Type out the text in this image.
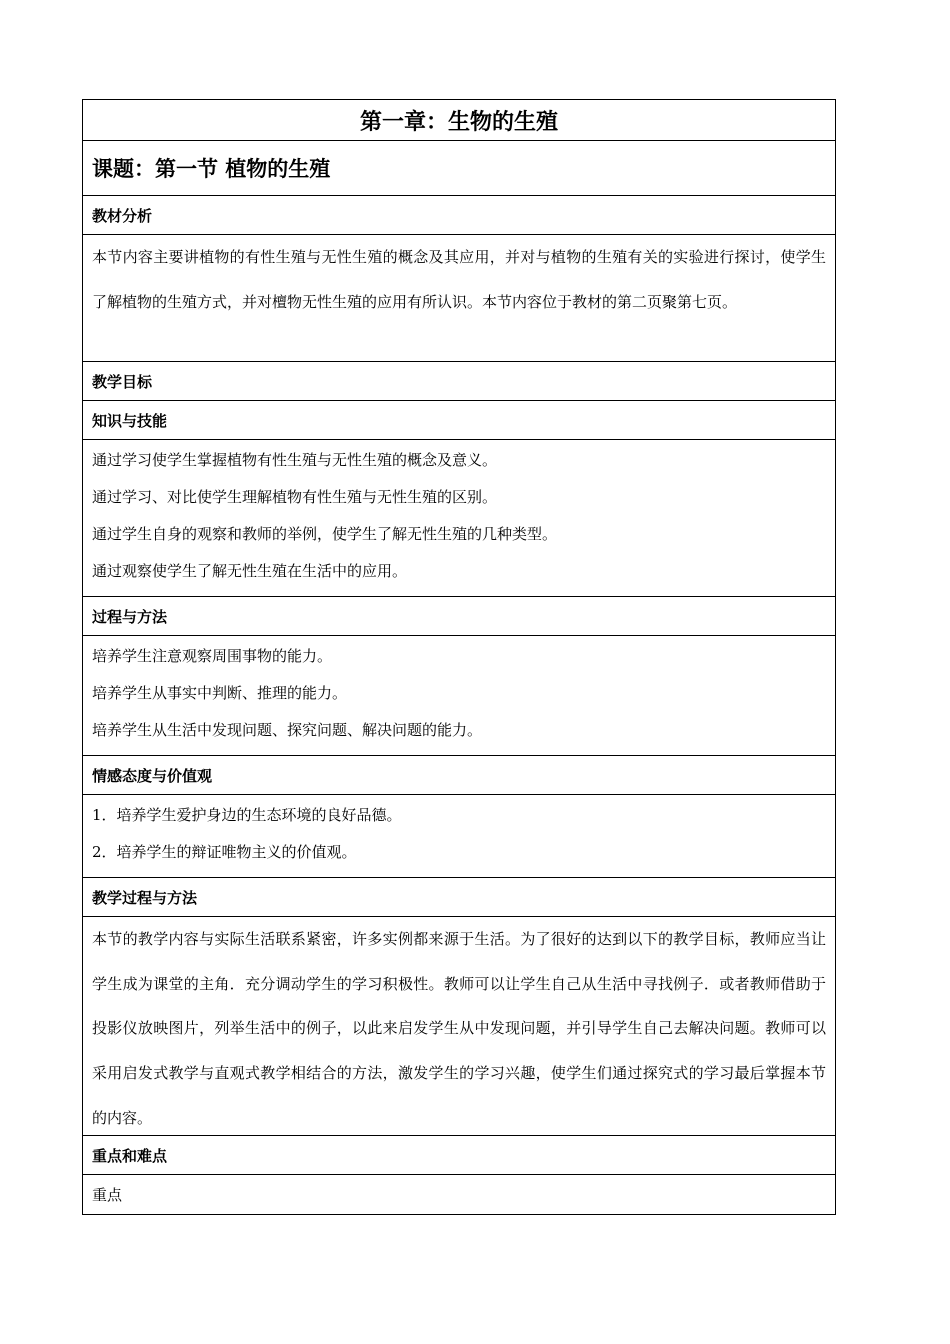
第一章：生物的生殖
课题：第一节 植物的生殖
教材分析
本节内容主要讲植物的有性生殖与无性生殖的概念及其应用，并对与植物的生殖有关的实验进行探讨，使学生了解植物的生殖方式，并对檀物无性生殖的应用有所认识。本节内容位于教材的第二页聚第七页。
教学目标
知识与技能
通过学习使学生掌握植物有性生殖与无性生殖的概念及意义。
通过学习、对比使学生理解植物有性生殖与无性生殖的区别。
通过学生自身的观察和教师的举例，使学生了解无性生殖的几种类型。
通过观察使学生了解无性生殖在生活中的应用。
过程与方法
培养学生注意观察周围事物的能力。
培养学生从事实中判断、推理的能力。
培养学生从生活中发现问题、探究问题、解决问题的能力。
情感态度与价值观
1．培养学生爱护身边的生态环境的良好品德。
2．培养学生的辩证唯物主义的价值观。
教学过程与方法
本节的教学内容与实际生活联系紧密，许多实例都来源于生活。为了很好的达到以下的教学目标，教师应当让学生成为课堂的主角．充分调动学生的学习积极性。教师可以让学生自己从生活中寻找例子．或者教师借助于投影仪放映图片，列举生活中的例子，以此来启发学生从中发现问题，并引导学生自己去解决问题。教师可以采用启发式教学与直观式教学相结合的方法，激发学生的学习兴趣，使学生们通过探究式的学习最后掌握本节的内容。
重点和难点
重点
